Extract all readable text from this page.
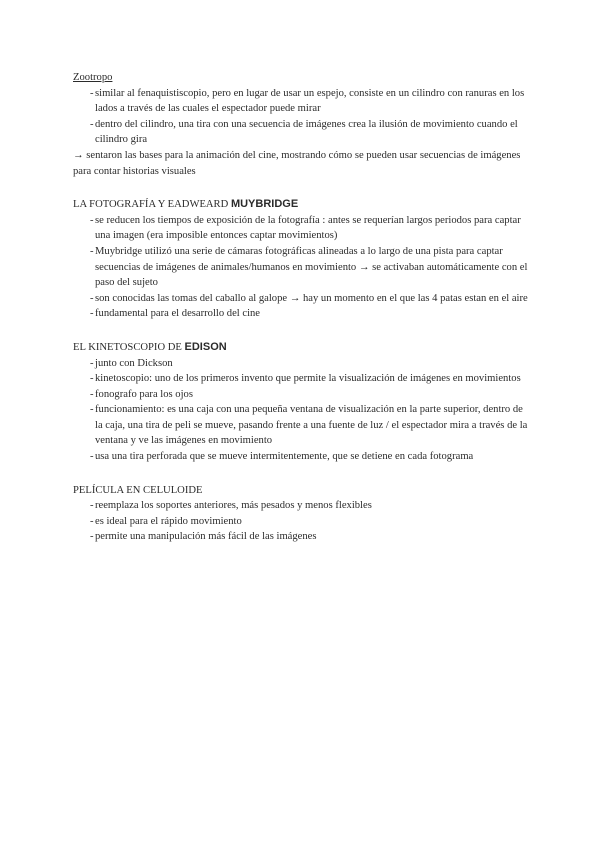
Zootropo

- similar al fenaquistiscopio, pero en lugar de usar un espejo, consiste en un cilindro con ranuras en los lados a través de las cuales el espectador puede mirar
- dentro del cilindro, una tira con una secuencia de imágenes crea la ilusión de movimiento cuando el cilindro gira

→ sentaron las bases para la animación del cine, mostrando cómo se pueden usar secuencias de imágenes para contar historias visuales

LA FOTOGRAFÍA Y EADWEARD MUYBRIDGE

- se reducen los tiempos de exposición de la fotografía : antes se requerían largos periodos para captar una imagen (era imposible entonces captar movimientos)
- Muybridge utilizó una serie de cámaras fotográficas alineadas a lo largo de una pista para captar secuencias de imágenes de animales/humanos en movimiento → se activaban automáticamente con el paso del sujeto
- son conocidas las tomas del caballo al galope → hay un momento en el que las 4 patas estan en el aire
- fundamental para el desarrollo del cine

EL KINETOSCOPIO DE EDISON

- junto con Dickson
- kinetoscopio: uno de los primeros invento que permite la visualización de imágenes en movimientos
- fonografo para los ojos
- funcionamiento: es una caja con una pequeña ventana de visualización en la parte superior, dentro de la caja, una tira de peli se mueve, pasando frente a una fuente de luz / el espectador mira a través de la ventana y ve las imágenes en movimiento
- usa una tira perforada que se mueve intermitentemente, que se detiene en cada fotograma

PELÍCULA EN CELULOIDE

- reemplaza los soportes anteriores, más pesados y menos flexibles
- es ideal para el rápido movimiento
- permite una manipulación más fácil de las imágenes
